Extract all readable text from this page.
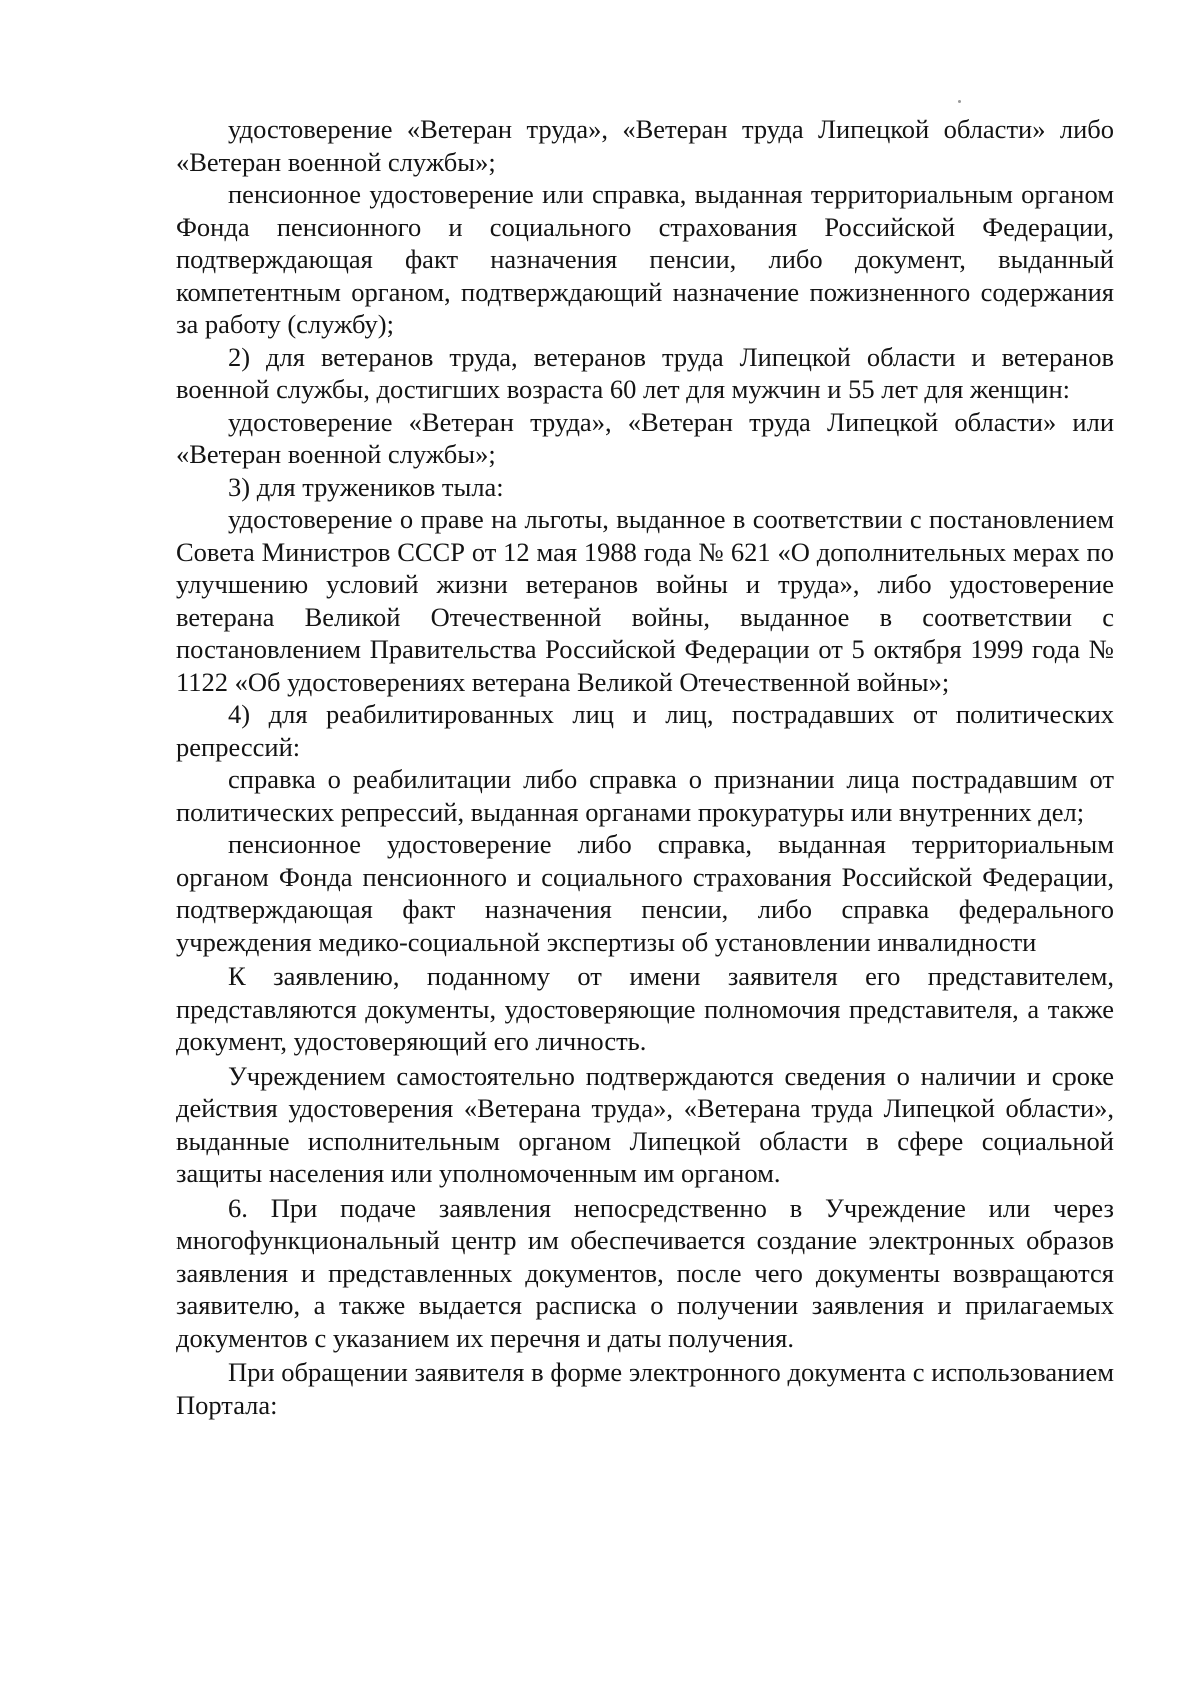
удостоверение «Ветеран труда», «Ветеран труда Липецкой области» либо «Ветеран военной службы»;

пенсионное удостоверение или справка, выданная территориальным органом Фонда пенсионного и социального страхования Российской Федерации, подтверждающая факт назначения пенсии, либо документ, выданный компетентным органом, подтверждающий назначение пожизненного содержания за работу (службу);

2) для ветеранов труда, ветеранов труда Липецкой области и ветеранов военной службы, достигших возраста 60 лет для мужчин и 55 лет для женщин:

удостоверение «Ветеран труда», «Ветеран труда Липецкой области» или «Ветеран военной службы»;

3) для тружеников тыла:

удостоверение о праве на льготы, выданное в соответствии с постановлением Совета Министров СССР от 12 мая 1988 года № 621 «О дополнительных мерах по улучшению условий жизни ветеранов войны и труда», либо удостоверение ветерана Великой Отечественной войны, выданное в соответствии с постановлением Правительства Российской Федерации от 5 октября 1999 года № 1122 «Об удостоверениях ветерана Великой Отечественной войны»;

4) для реабилитированных лиц и лиц, пострадавших от политических репрессий:

справка о реабилитации либо справка о признании лица пострадавшим от политических репрессий, выданная органами прокуратуры или внутренних дел;

пенсионное удостоверение либо справка, выданная территориальным органом Фонда пенсионного и социального страхования Российской Федерации, подтверждающая факт назначения пенсии, либо справка федерального учреждения медико-социальной экспертизы об установлении инвалидности

К заявлению, поданному от имени заявителя его представителем, представляются документы, удостоверяющие полномочия представителя, а также документ, удостоверяющий его личность.

Учреждением самостоятельно подтверждаются сведения о наличии и сроке действия удостоверения «Ветерана труда», «Ветерана труда Липецкой области», выданные исполнительным органом Липецкой области в сфере социальной защиты населения или уполномоченным им органом.

6. При подаче заявления непосредственно в Учреждение или через многофункциональный центр им обеспечивается создание электронных образов заявления и представленных документов, после чего документы возвращаются заявителю, а также выдается расписка о получении заявления и прилагаемых документов с указанием их перечня и даты получения.

При обращении заявителя в форме электронного документа с использованием Портала:
